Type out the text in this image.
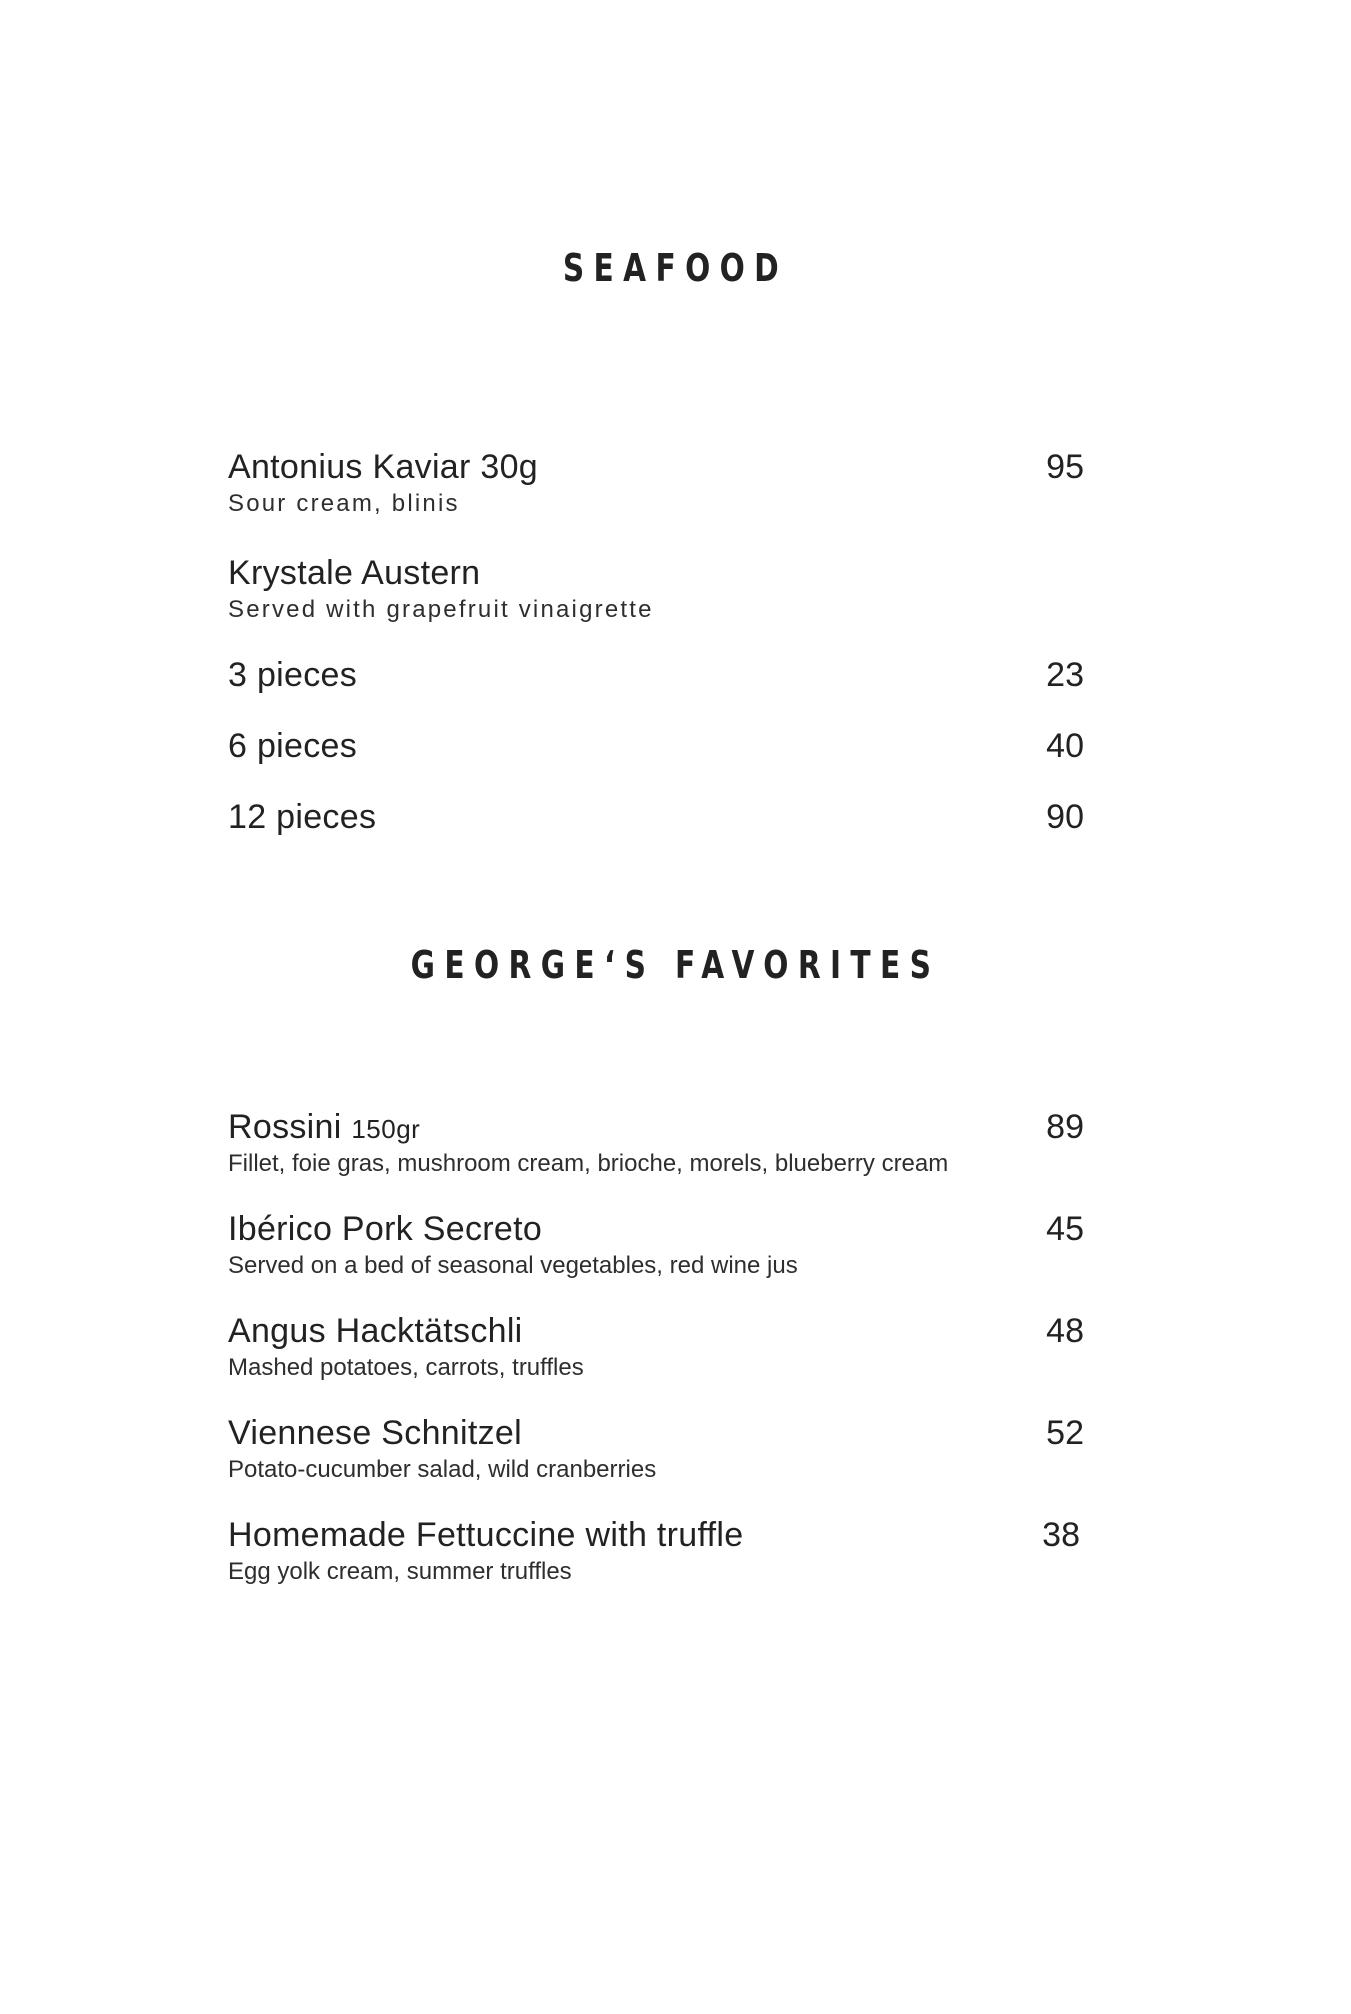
SEAFOOD
Antonius Kaviar 30g	95
Sour cream, blinis
Krystale Austern
Served with grapefruit vinaigrette
3 pieces	23
6 pieces	40
12 pieces	90
GEORGE‘S FAVORITES
Rossini 150gr	89
Fillet, foie gras, mushroom cream, brioche, morels, blueberry cream
Ibérico Pork Secreto	45
Served on a bed of seasonal vegetables, red wine jus
Angus Hacktätschli	48
Mashed potatoes, carrots, truffles
Viennese Schnitzel	52
Potato-cucumber salad, wild cranberries
Homemade Fettuccine with truffle	38
Egg yolk cream, summer truffles
